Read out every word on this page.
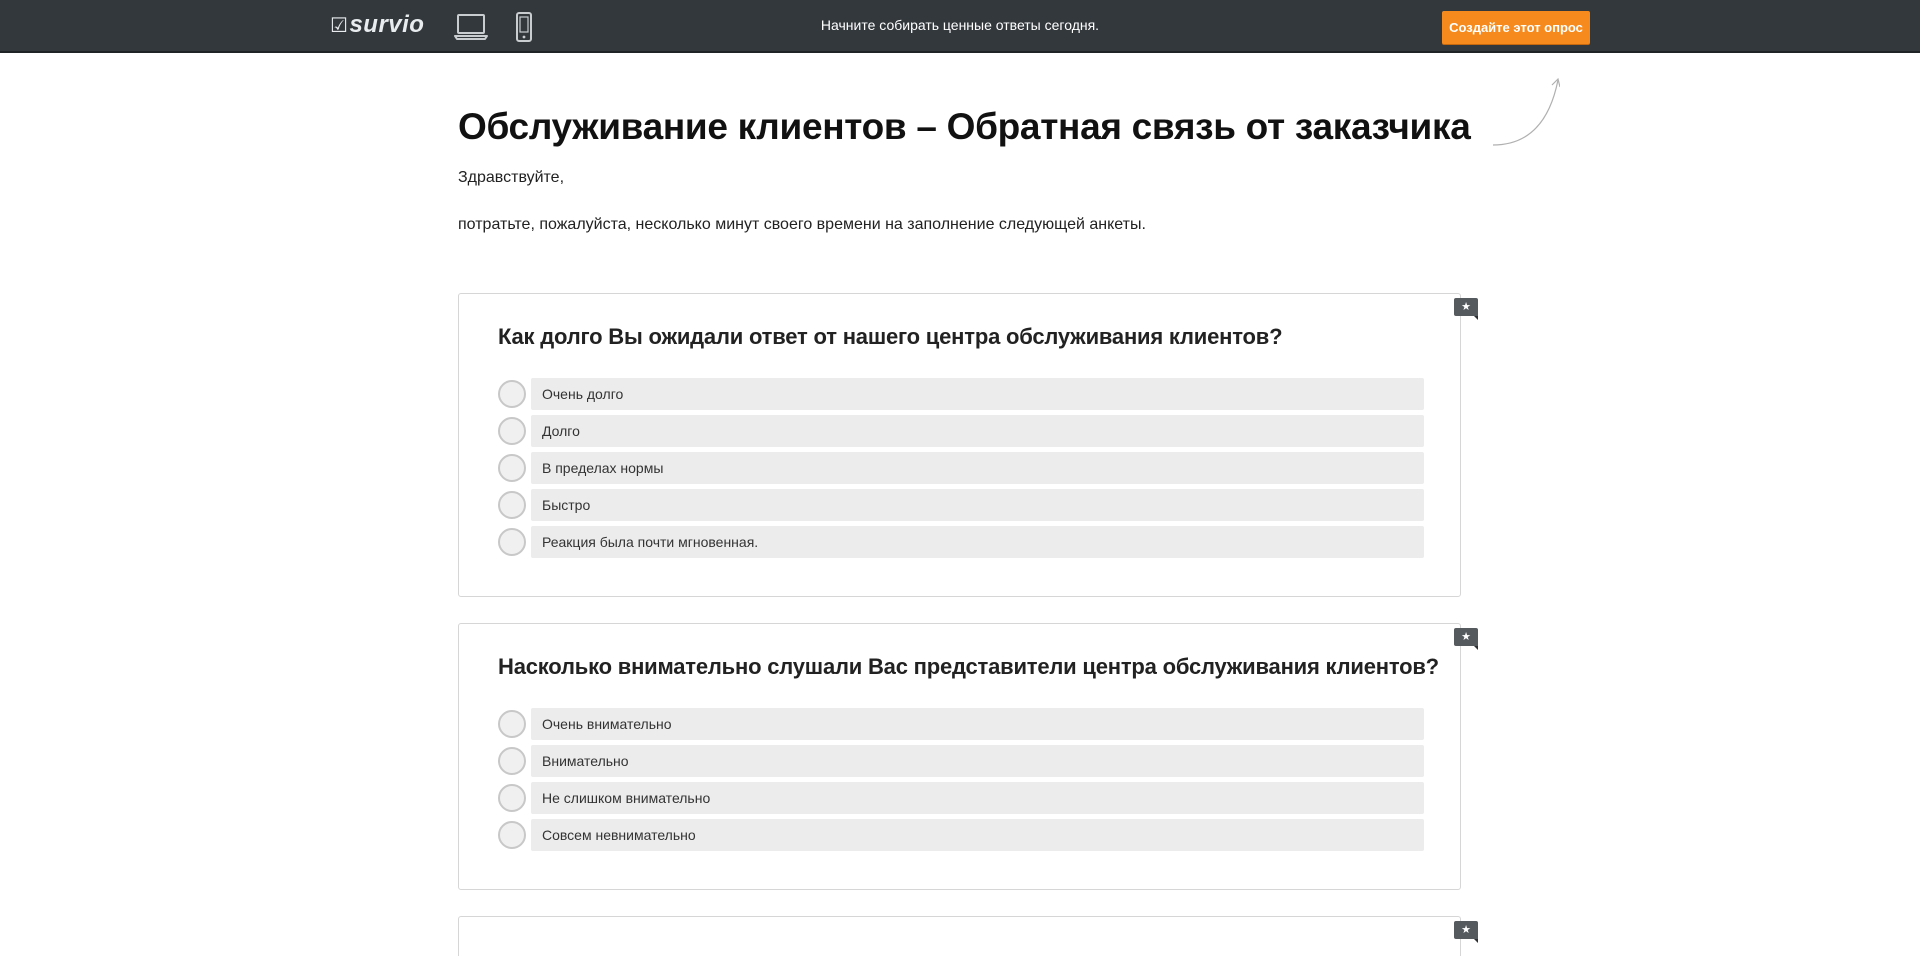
☑ survio	Начните собирать ценные ответы сегодня.	Создайте этот опрос
Обслуживание клиентов – Обратная связь от заказчика
Здравствуйте,
потратьте, пожалуйста, несколько минут своего времени на заполнение следующей анкеты.
★
Как долго Вы ожидали ответ от нашего центра обслуживания клиентов?
Очень долго
Долго
В пределах нормы
Быстро
Реакция была почти мгновенная.
★
Насколько внимательно слушали Вас представители центра обслуживания клиентов?
Очень внимательно
Внимательно
Не слишком внимательно
Совсем невнимательно
★
